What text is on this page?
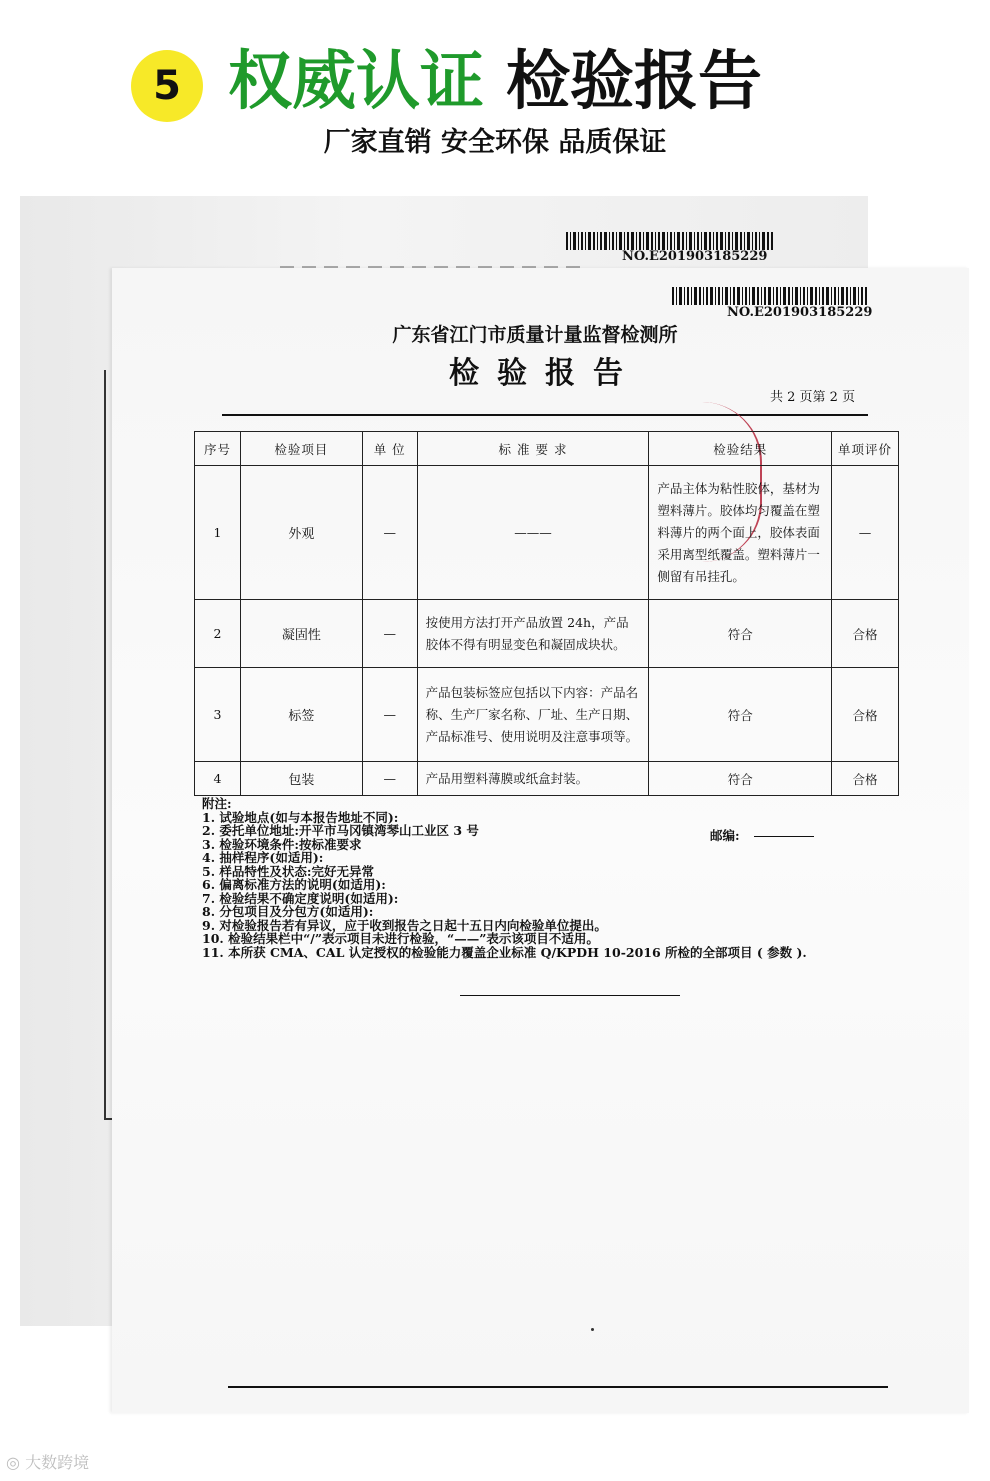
5 权威认证 检验报告
厂家直销 安全环保 品质保证
NO.E201903185229
NO.E201903185229
广东省江门市质量计量监督检测所
检验报告
共 2 页第 2 页
序号	检验项目	单 位	标 准 要 求	检验结果	单项评价
1	外观	—	———	产品主体为粘性胶体，基材为塑料薄片。胶体均匀覆盖在塑料薄片的两个面上，胶体表面采用离型纸覆盖。塑料薄片一侧留有吊挂孔。	—
2	凝固性	—	按使用方法打开产品放置 24h，产品胶体不得有明显变色和凝固成块状。	符合	合格
3	标签	—	产品包装标签应包括以下内容：产品名称、生产厂家名称、厂址、生产日期、产品标准号、使用说明及注意事项等。	符合	合格
4	包装	—	产品用塑料薄膜或纸盒封装。	符合	合格
附注:
1. 试验地点(如与本报告地址不同):
2. 委托单位地址:开平市马冈镇湾琴山工业区 3 号
3. 检验环境条件:按标准要求
4. 抽样程序(如适用):
5. 样品特性及状态:完好无异常
6. 偏离标准方法的说明(如适用):
7. 检验结果不确定度说明(如适用):
8. 分包项目及分包方(如适用):
9. 对检验报告若有异议，应于收到报告之日起十五日内向检验单位提出。
10. 检验结果栏中“/”表示项目未进行检验，“——”表示该项目不适用。
11. 本所获 CMA、CAL 认定授权的检验能力覆盖企业标准 Q/KPDH 10-2016 所检的全部项目 ( 参数 ).
邮编:
◎ 大数跨境
